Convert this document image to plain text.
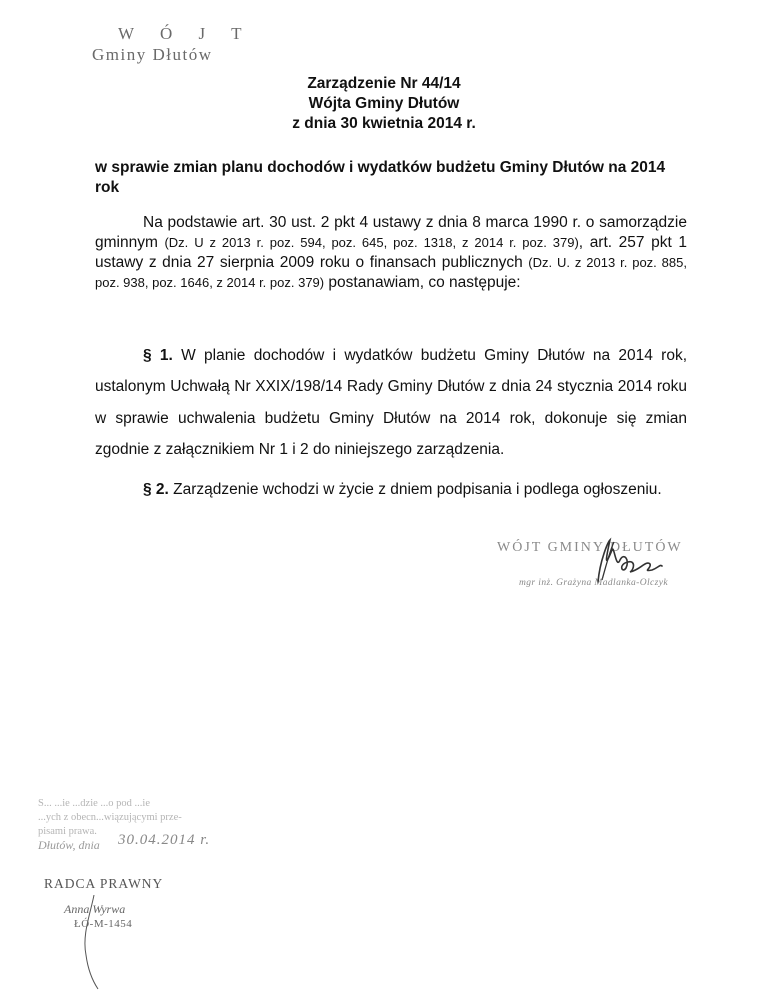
W Ó J T
Gminy Dłutów
Zarządzenie Nr 44/14
Wójta Gminy Dłutów
z dnia 30 kwietnia 2014 r.
w sprawie zmian planu dochodów i wydatków budżetu Gminy Dłutów na 2014 rok
Na podstawie art. 30 ust. 2 pkt 4 ustawy z dnia 8 marca 1990 r. o samorządzie gminnym (Dz. U z 2013 r. poz. 594, poz. 645, poz. 1318, z 2014 r. poz. 379), art. 257 pkt 1 ustawy z dnia 27 sierpnia 2009 roku o finansach publicznych (Dz. U. z 2013 r. poz. 885, poz. 938, poz. 1646, z 2014 r. poz. 379) postanawiam, co następuje:
§ 1. W planie dochodów i wydatków budżetu Gminy Dłutów na 2014 rok, ustalonym Uchwałą Nr XXIX/198/14 Rady Gminy Dłutów z dnia 24 stycznia 2014 roku w sprawie uchwalenia budżetu Gminy Dłutów na 2014 rok, dokonuje się zmian zgodnie z załącznikiem Nr 1 i 2 do niniejszego zarządzenia.
§ 2. Zarządzenie wchodzi w życie z dniem podpisania i podlega ogłoszeniu.
WÓJT GMINY DŁUTÓW
mgr inż. Grażyna Madlanka-Olczyk
S... ...ie ...dzie ...o pod ...ie
...ych z obecn...wiązującymi prze-
pisami prawa.
Dłutów, dnia 30.04.2014 r.
RADCA PRAWNY
Anna Wyrwa
ŁÓ-M-1454
